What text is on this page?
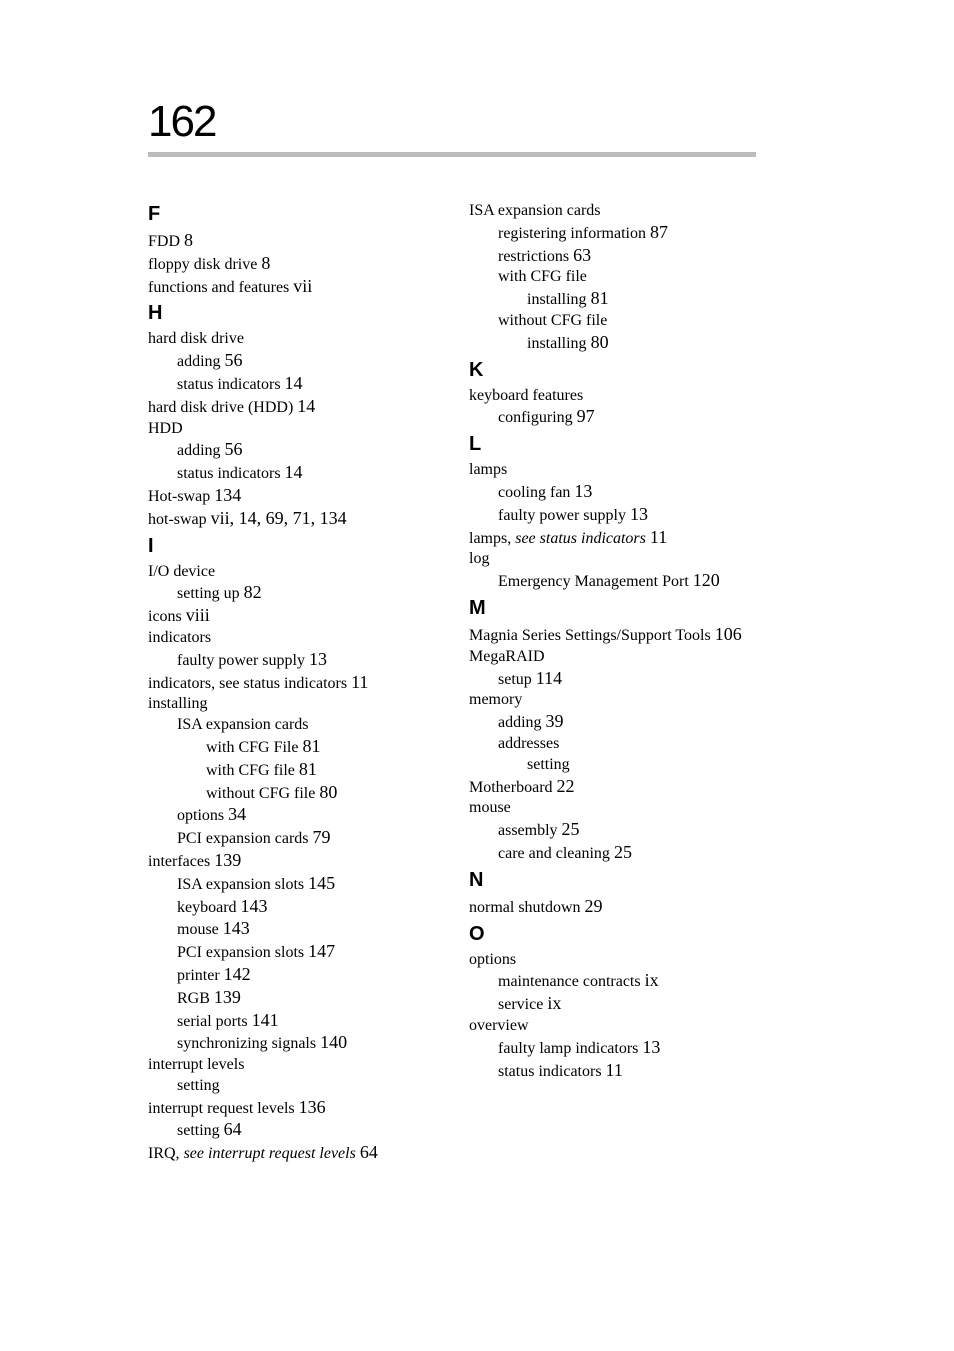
162
F
FDD 8
floppy disk drive 8
functions and features vii
H
hard disk drive
adding 56
status indicators 14
hard disk drive (HDD) 14
HDD
adding 56
status indicators 14
Hot-swap 134
hot-swap vii, 14, 69, 71, 134
I
I/O device
setting up 82
icons viii
indicators
faulty power supply 13
indicators, see status indicators 11
installing
ISA expansion cards
with CFG File 81
with CFG file 81
without CFG file 80
options 34
PCI expansion cards 79
interfaces 139
ISA expansion slots 145
keyboard 143
mouse 143
PCI expansion slots 147
printer 142
RGB 139
serial ports 141
synchronizing signals 140
interrupt levels
setting
interrupt request levels 136
setting 64
IRQ, see interrupt request levels 64
ISA expansion cards
registering information 87
restrictions 63
with CFG file
installing 81
without CFG file
installing 80
K
keyboard features
configuring 97
L
lamps
cooling fan 13
faulty power supply 13
lamps, see status indicators 11
log
Emergency Management Port 120
M
Magnia Series Settings/Support Tools 106
MegaRAID
setup 114
memory
adding 39
addresses
setting
Motherboard 22
mouse
assembly 25
care and cleaning 25
N
normal shutdown 29
O
options
maintenance contracts ix
service ix
overview
faulty lamp indicators 13
status indicators 11
